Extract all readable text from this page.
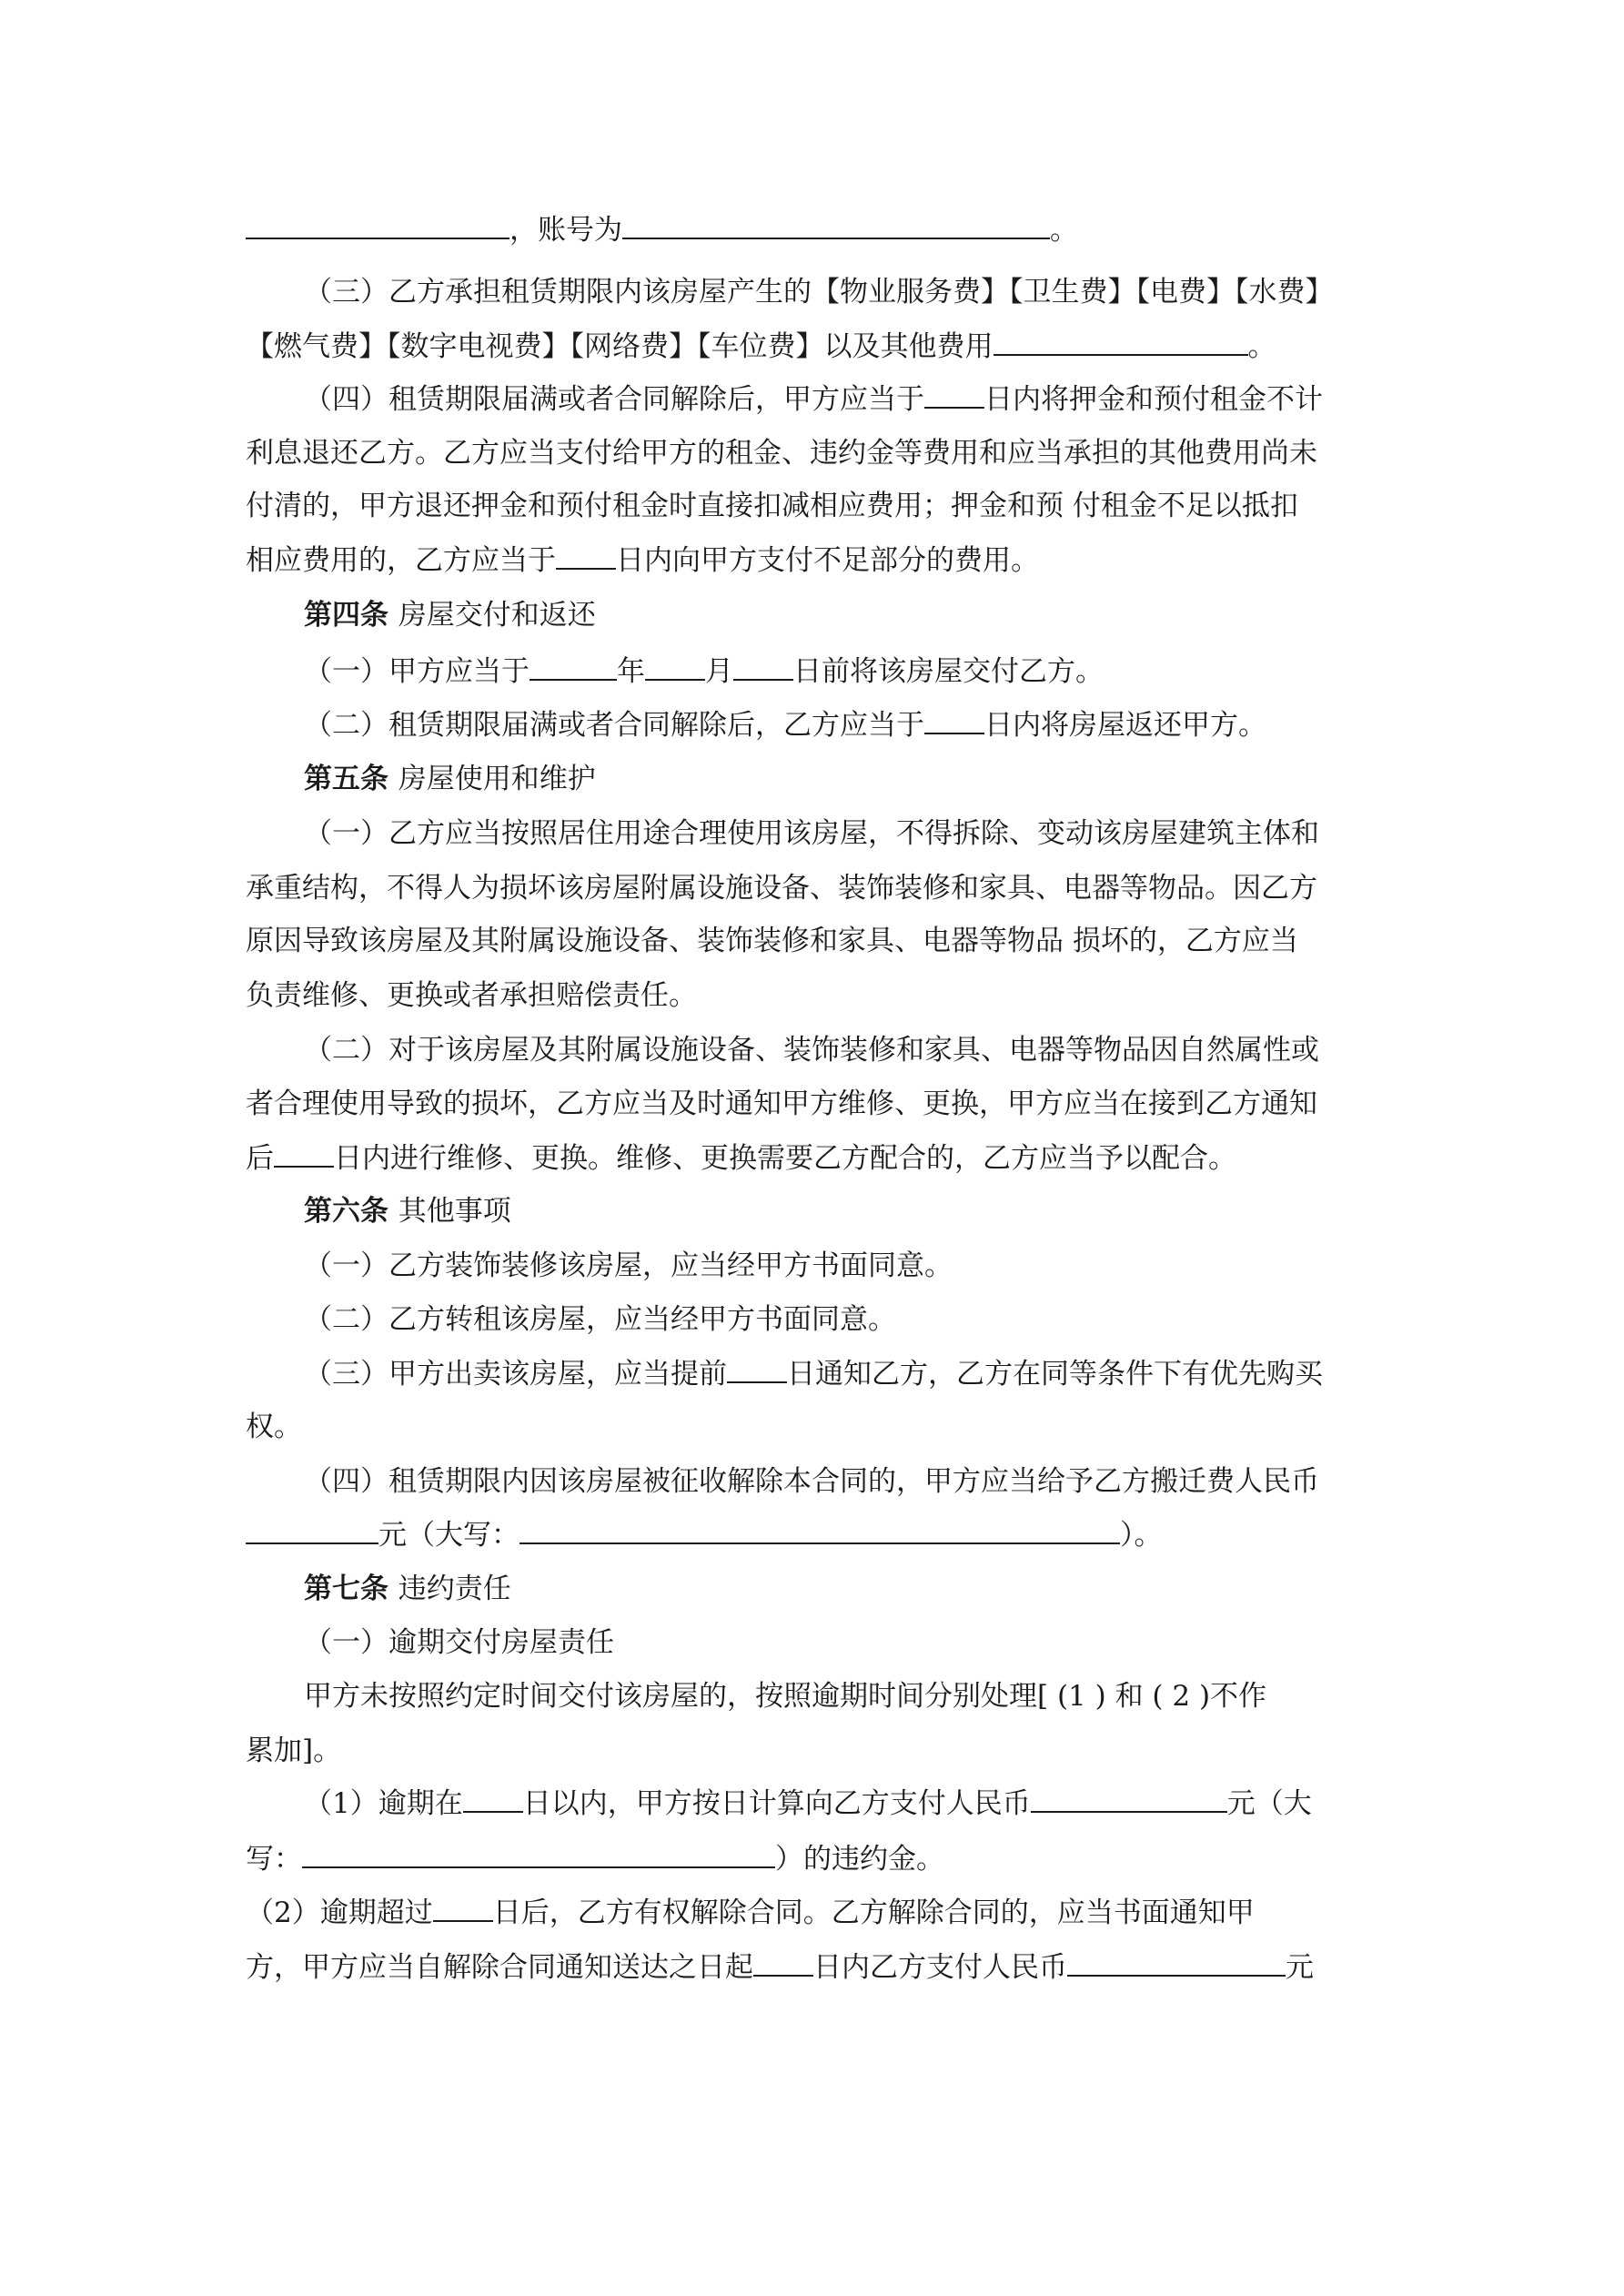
，账号为	。
（三）乙方承担租赁期限内该房屋产生的【物业服务费】【卫生费】【电费】【水费】
【燃气费】【数字电视费】【网络费】【车位费】以及其他费用	。
（四）租赁期限届满或者合同解除后，甲方应当于 日内将押金和预付租金不计
利息退还乙方。乙方应当支付给甲方的租金、违约金等费用和应当承担的其他费用尚未
付清的，甲方退还押金和预付租金时直接扣减相应费用；押金和预 付租金不足以抵扣
相应费用的，乙方应当于 日内向甲方支付不足部分的费用。
第四条 房屋交付和返还
（一）甲方应当于	年 月 日前将该房屋交付乙方。
（二）租赁期限届满或者合同解除后，乙方应当于 日内将房屋返还甲方。
第五条 房屋使用和维护
（一）乙方应当按照居住用途合理使用该房屋，不得拆除、变动该房屋建筑主体和
承重结构，不得人为损坏该房屋附属设施设备、装饰装修和家具、电器等物品。因乙方
原因导致该房屋及其附属设施设备、装饰装修和家具、电器等物品 损坏的，乙方应当
负责维修、更换或者承担赔偿责任。
（二）对于该房屋及其附属设施设备、装饰装修和家具、电器等物品因自然属性或
者合理使用导致的损坏，乙方应当及时通知甲方维修、更换，甲方应当在接到乙方通知
后 日内进行维修、更换。维修、更换需要乙方配合的，乙方应当予以配合。
第六条 其他事项
（一）乙方装饰装修该房屋，应当经甲方书面同意。
（二）乙方转租该房屋，应当经甲方书面同意。
（三）甲方出卖该房屋，应当提前 日通知乙方，乙方在同等条件下有优先购买
权。
（四）租赁期限内因该房屋被征收解除本合同的，甲方应当给予乙方搬迁费人民币
元（大写：	）。
第七条 违约责任
（一）逾期交付房屋责任
甲方未按照约定时间交付该房屋的，按照逾期时间分别处理[ (1 ) 和 ( 2 )不作
累加]。
（1）逾期在 日以内，甲方按日计算向乙方支付人民币	元（大
写：	）的违约金。
（2）逾期超过 日后，乙方有权解除合同。乙方解除合同的，应当书面通知甲
方，甲方应当自解除合同通知送达之日起 日内乙方支付人民币	元
